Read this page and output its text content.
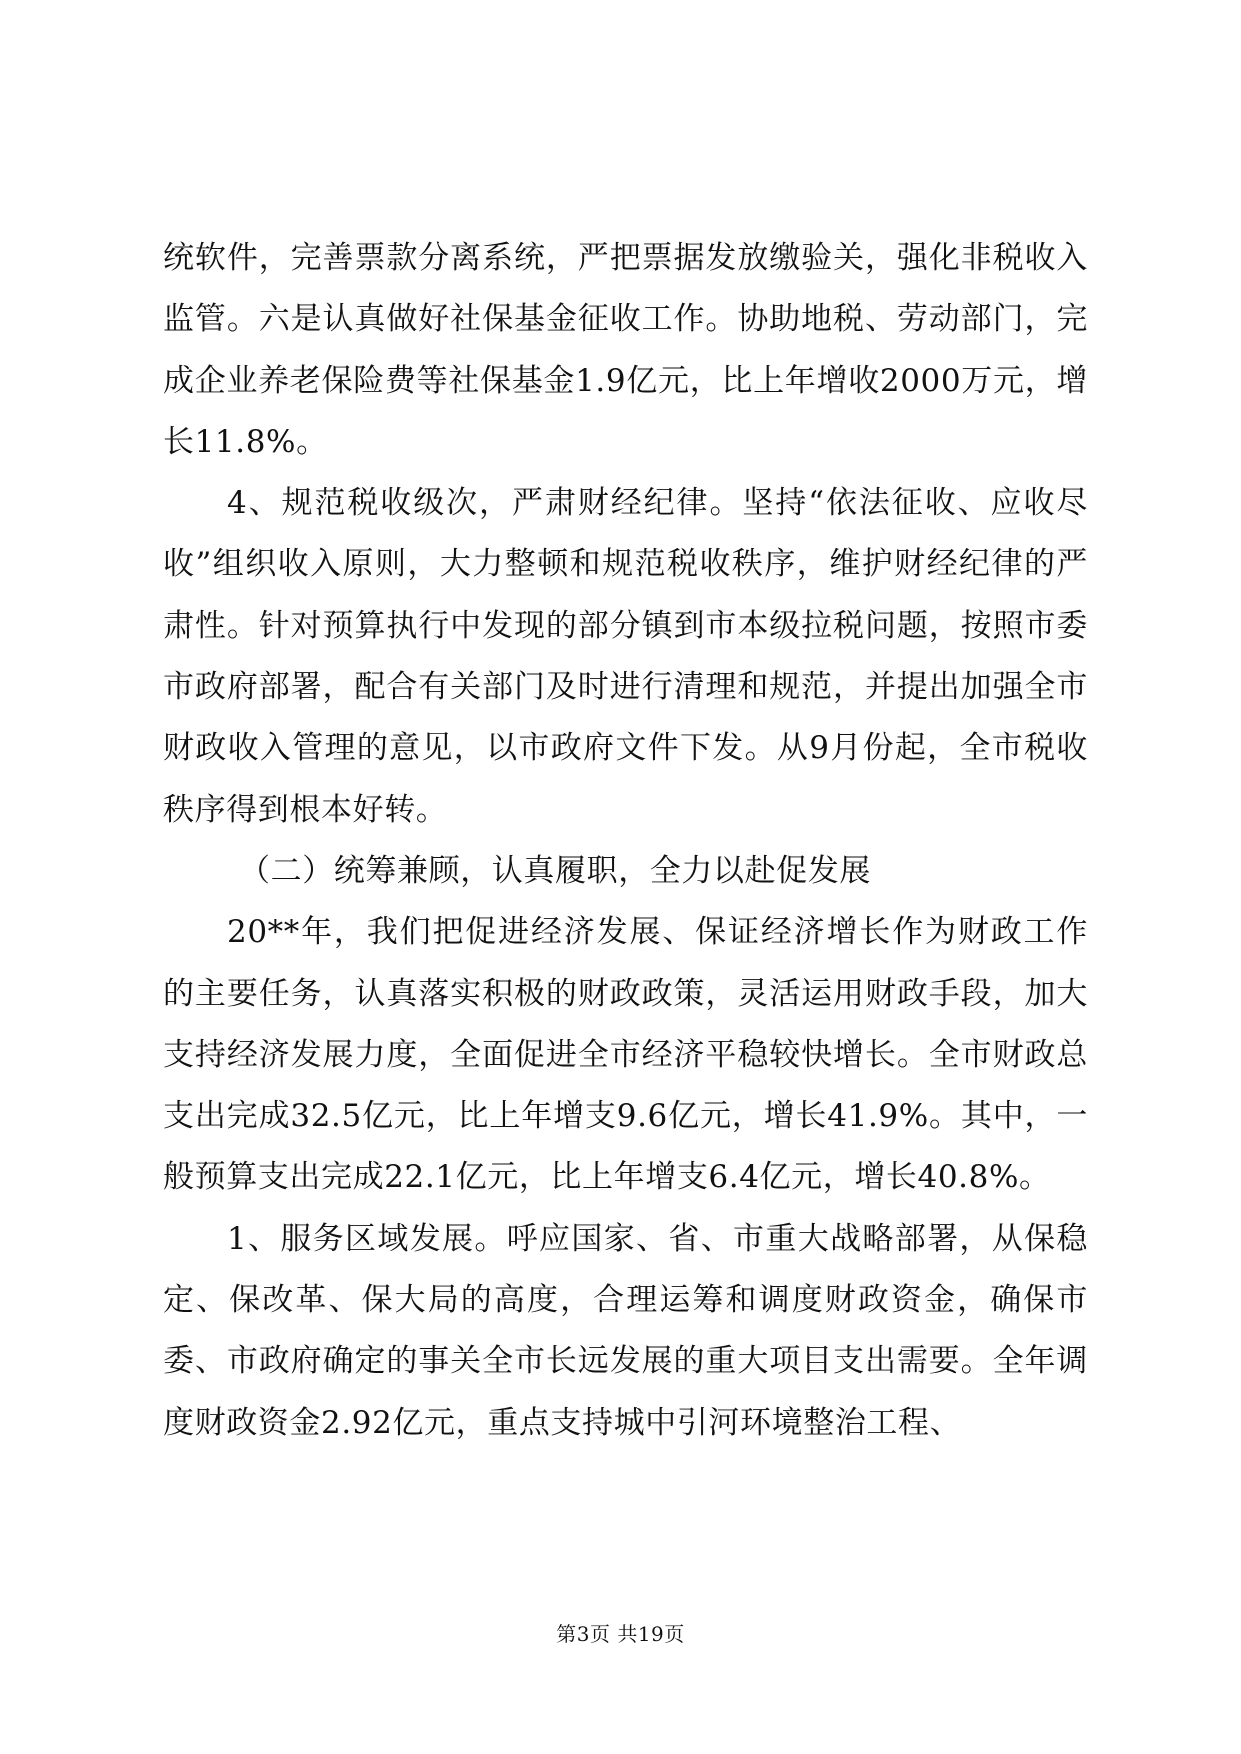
统软件，完善票款分离系统，严把票据发放缴验关，强化非税收入监管。六是认真做好社保基金征收工作。协助地税、劳动部门，完成企业养老保险费等社保基金1.9亿元，比上年增收2000万元，增长11.8%。

4、规范税收级次，严肃财经纪律。坚持“依法征收、应收尽收”组织收入原则，大力整顿和规范税收秩序，维护财经纪律的严肃性。针对预算执行中发现的部分镇到市本级拉税问题，按照市委市政府部署，配合有关部门及时进行清理和规范，并提出加强全市财政收入管理的意见，以市政府文件下发。从9月份起，全市税收秩序得到根本好转。

（二）统筹兼顾，认真履职，全力以赴促发展

20**年，我们把促进经济发展、保证经济增长作为财政工作的主要任务，认真落实积极的财政政策，灵活运用财政手段，加大支持经济发展力度，全面促进全市经济平稳较快增长。全市财政总支出完成32.5亿元，比上年增支9.6亿元，增长41.9%。其中，一般预算支出完成22.1亿元，比上年增支6.4亿元，增长40.8%。

1、服务区域发展。呼应国家、省、市重大战略部署，从保稳定、保改革、保大局的高度，合理运筹和调度财政资金，确保市委、市政府确定的事关全市长远发展的重大项目支出需要。全年调度财政资金2.92亿元，重点支持城中引河环境整治工程、

第3页 共19页
